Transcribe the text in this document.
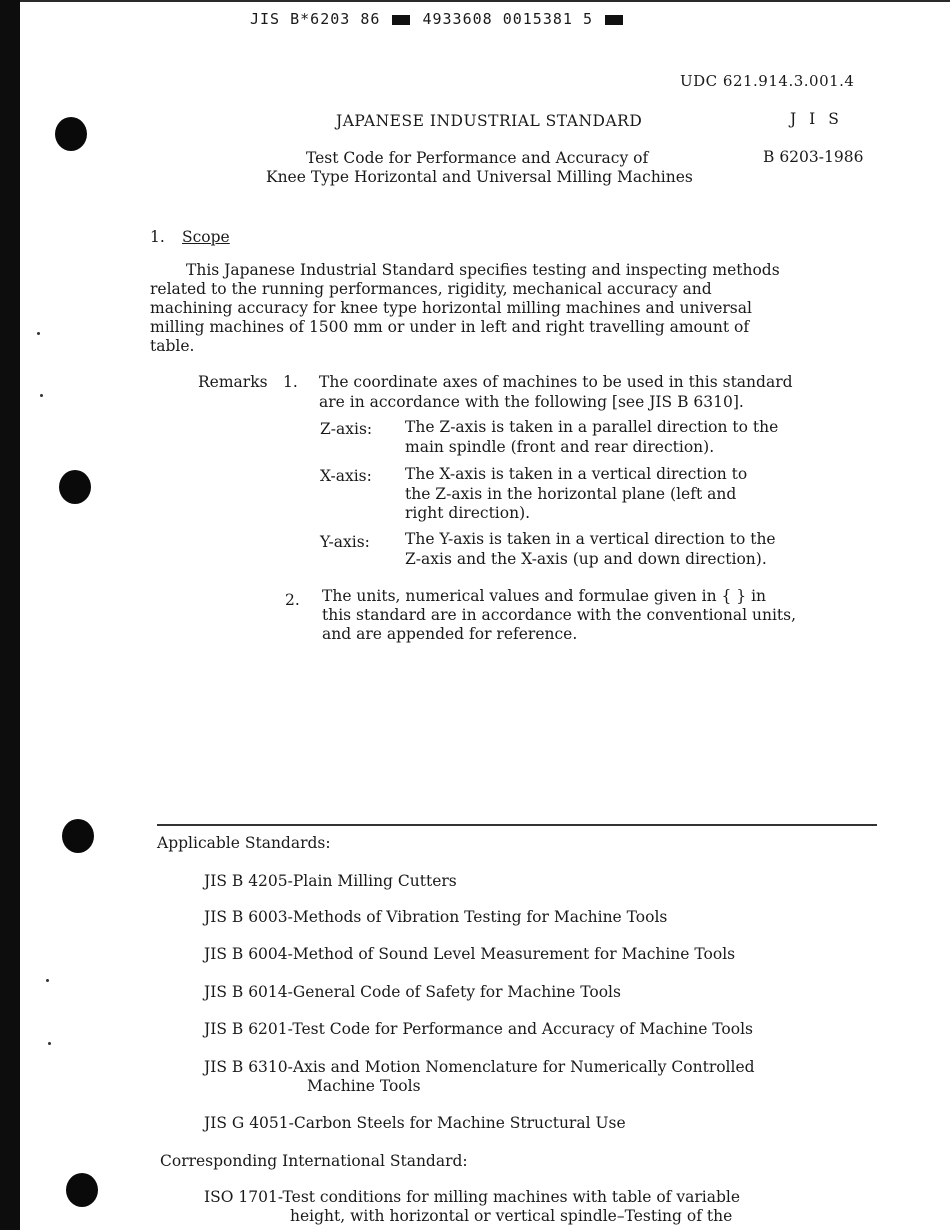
JIS B*6203 86	4933608 0015381 5
UDC 621.914.3.001.4
JAPANESE INDUSTRIAL STANDARD	J I S
Test Code for Performance and Accuracy of
Knee Type Horizontal and Universal Milling Machines
B 6203-1986
1. Scope
This Japanese Industrial Standard specifies testing and inspecting methods
related to the running performances, rigidity, mechanical accuracy and
machining accuracy for knee type horizontal milling machines and universal
milling machines of 1500 mm or under in left and right travelling amount of
table.
Remarks 1. The coordinate axes of machines to be used in this standard
are in accordance with the following [see JIS B 6310].
Z-axis: The Z-axis is taken in a parallel direction to the
main spindle (front and rear direction).
X-axis: The X-axis is taken in a vertical direction to
the Z-axis in the horizontal plane (left and
right direction).
Y-axis: The Y-axis is taken in a vertical direction to the
Z-axis and the X-axis (up and down direction).
2. The units, numerical values and formulae given in { } in
this standard are in accordance with the conventional units,
and are appended for reference.
Applicable Standards:
JIS B 4205-Plain Milling Cutters
JIS B 6003-Methods of Vibration Testing for Machine Tools
JIS B 6004-Method of Sound Level Measurement for Machine Tools
JIS B 6014-General Code of Safety for Machine Tools
JIS B 6201-Test Code for Performance and Accuracy of Machine Tools
JIS B 6310-Axis and Motion Nomenclature for Numerically Controlled
Machine Tools
JIS G 4051-Carbon Steels for Machine Structural Use
Corresponding International Standard:
ISO 1701-Test conditions for milling machines with table of variable
height, with horizontal or vertical spindle–Testing of the
